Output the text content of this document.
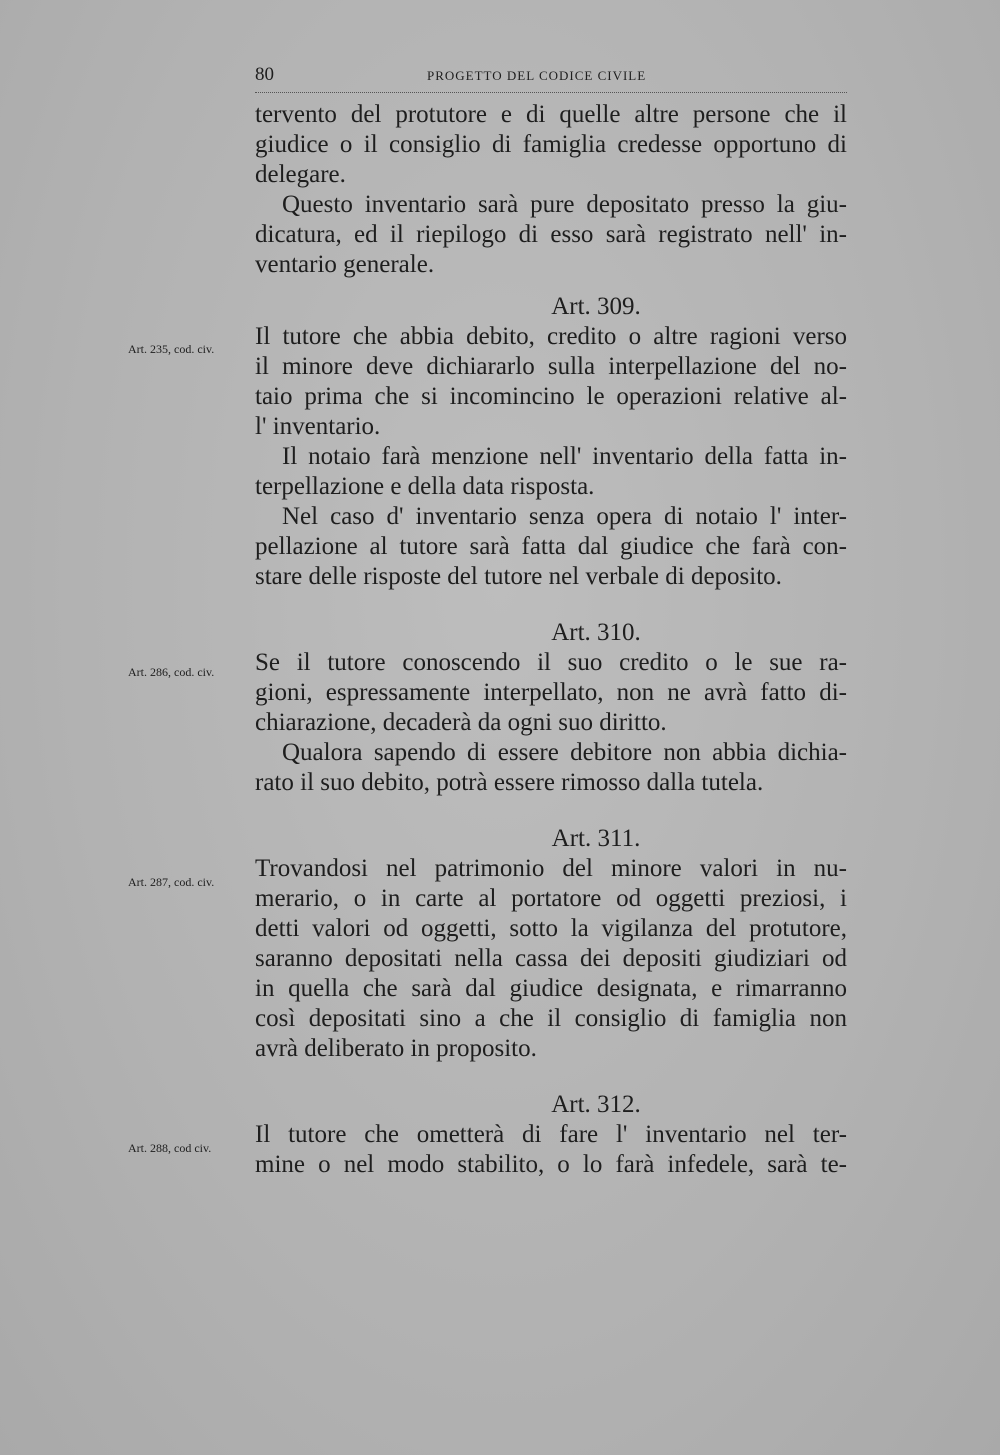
80	PROGETTO DEL CODICE CIVILE
Art. 235, cod. civ.
Art. 286, cod. civ.
Art. 287, cod. civ.
Art. 288, cod civ.
tervento del protutore e di quelle altre persone che il
giudice o il consiglio di famiglia credesse opportuno di
delegare.
Questo inventario sarà pure depositato presso la giu-
dicatura, ed il riepilogo di esso sarà registrato nell' in-
ventario generale.
Art. 309.
Il tutore che abbia debito, credito o altre ragioni verso
il minore deve dichiararlo sulla interpellazione del no-
taio prima che si incomincino le operazioni relative al-
l' inventario.
Il notaio farà menzione nell' inventario della fatta in-
terpellazione e della data risposta.
Nel caso d' inventario senza opera di notaio l' inter-
pellazione al tutore sarà fatta dal giudice che farà con-
stare delle risposte del tutore nel verbale di deposito.
Art. 310.
Se il tutore conoscendo il suo credito o le sue ra-
gioni, espressamente interpellato, non ne avrà fatto di-
chiarazione, decaderà da ogni suo diritto.
Qualora sapendo di essere debitore non abbia dichia-
rato il suo debito, potrà essere rimosso dalla tutela.
Art. 311.
Trovandosi nel patrimonio del minore valori in nu-
merario, o in carte al portatore od oggetti preziosi, i
detti valori od oggetti, sotto la vigilanza del protutore,
saranno depositati nella cassa dei depositi giudiziari od
in quella che sarà dal giudice designata, e rimarranno
così depositati sino a che il consiglio di famiglia non
avrà deliberato in proposito.
Art. 312.
Il tutore che ometterà di fare l' inventario nel ter-
mine o nel modo stabilito, o lo farà infedele, sarà te-
